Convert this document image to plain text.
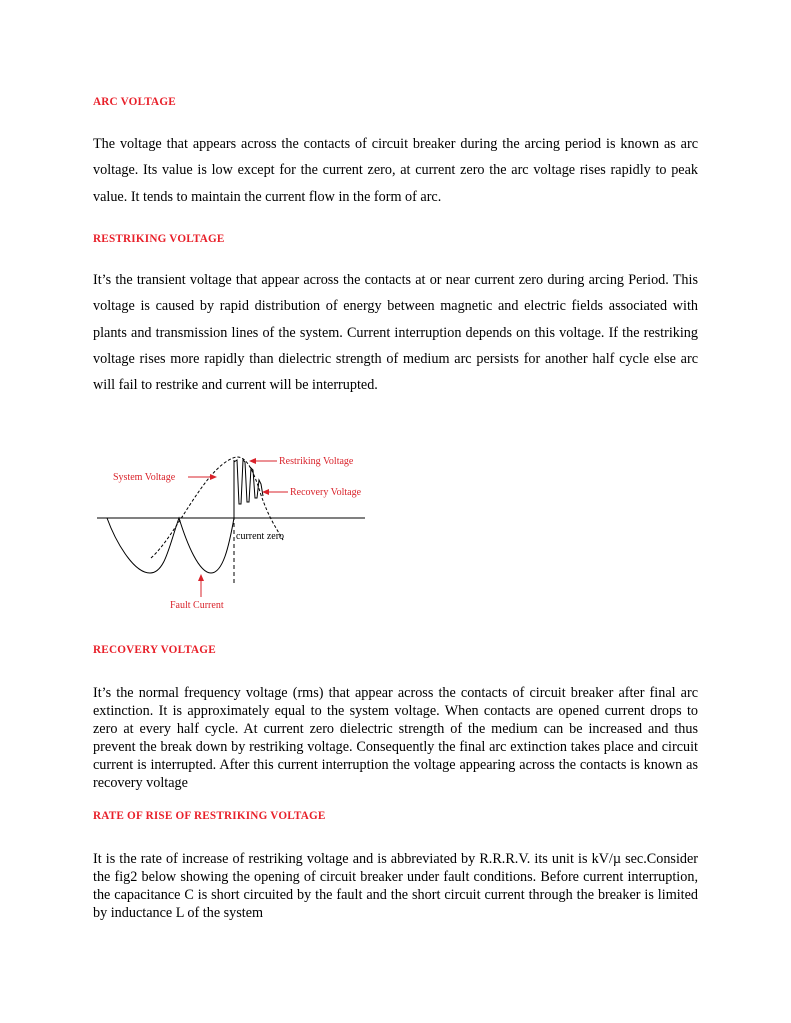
ARC VOLTAGE

The voltage that appears across the contacts of circuit breaker during the arcing period is known as arc voltage. Its value is low except for the current zero, at current zero the arc voltage rises rapidly to peak value. It tends to maintain the current flow in the form of arc.

RESTRIKING VOLTAGE

It’s the transient voltage that appear across the contacts at or near current zero during arcing Period. This voltage is caused by rapid distribution of energy between magnetic and electric fields associated with plants and transmission lines of the system. Current interruption depends on this voltage. If the restriking voltage rises more rapidly than dielectric strength of medium arc persists for another half cycle else arc will fail to restrike and current will be interrupted.

Restriking Voltage
Recovery Voltage
System Voltage
current zero
Fault Current
RECOVERY VOLTAGE

It’s the normal frequency voltage (rms) that appear across the contacts of circuit breaker after final arc extinction. It is approximately equal to the system voltage. When contacts are opened current drops to zero at every half cycle. At current zero dielectric strength of the medium can be increased and thus prevent the break down by restriking voltage. Consequently the final arc extinction takes place and circuit current is interrupted. After this current interruption the voltage appearing across the contacts is known as recovery voltage

RATE OF RISE OF RESTRIKING VOLTAGE

It is the rate of increase of restriking voltage and is abbreviated by R.R.R.V. its unit is kV/µ sec.Consider the fig2 below showing the opening of circuit breaker under fault conditions. Before current interruption, the capacitance C is short circuited by the fault and the short circuit current through the breaker is limited by inductance L of the system
